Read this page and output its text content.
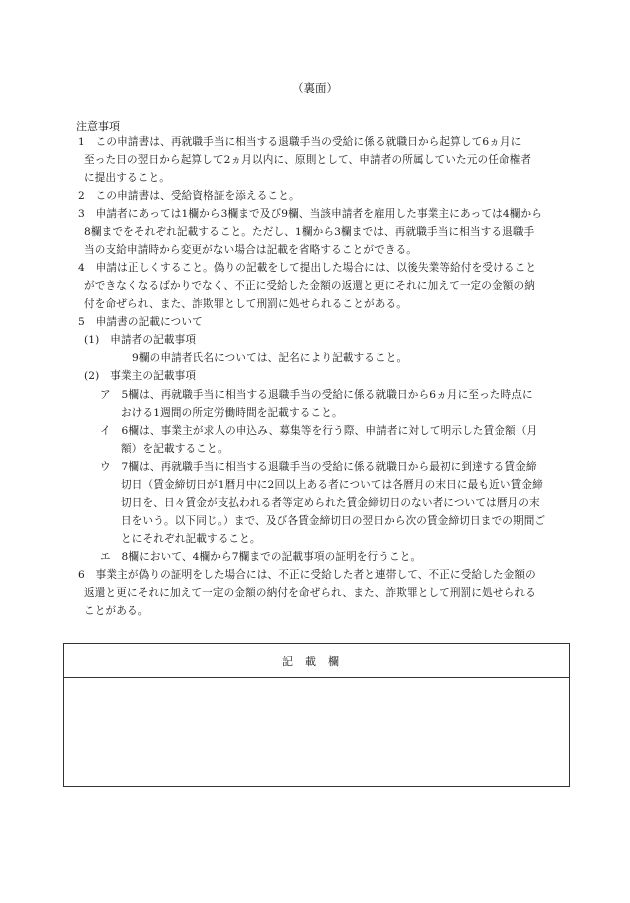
（裏面）
注意事項
1　この申請書は、再就職手当に相当する退職手当の受給に係る就職日から起算して6ヵ月に
至った日の翌日から起算して2ヵ月以内に、原則として、申請者の所属していた元の任命権者
に提出すること。
2　この申請書は、受給資格証を添えること。
3　申請者にあっては1欄から3欄まで及び9欄、当該申請者を雇用した事業主にあっては4欄から
8欄までをそれぞれ記載すること。ただし、1欄から3欄までは、再就職手当に相当する退職手
当の支給申請時から変更がない場合は記載を省略することができる。
4　申請は正しくすること。偽りの記載をして提出した場合には、以後失業等給付を受けること
ができなくなるばかりでなく、不正に受給した金額の返還と更にそれに加えて一定の金額の納
付を命ぜられ、また、詐欺罪として刑罰に処せられることがある。
5　申請書の記載について
(1)　申請者の記載事項
9欄の申請者氏名については、記名により記載すること。
(2)　事業主の記載事項
ア　5欄は、再就職手当に相当する退職手当の受給に係る就職日から6ヵ月に至った時点に
おける1週間の所定労働時間を記載すること。
イ　6欄は、事業主が求人の申込み、募集等を行う際、申請者に対して明示した賃金額（月
額）を記載すること。
ウ　7欄は、再就職手当に相当する退職手当の受給に係る就職日から最初に到達する賃金締
切日（賃金締切日が1暦月中に2回以上ある者については各暦月の末日に最も近い賃金締
切日を、日々賃金が支払われる者等定められた賃金締切日のない者については暦月の末
日をいう。以下同じ。）まで、及び各賃金締切日の翌日から次の賃金締切日までの期間ご
とにそれぞれ記載すること。
エ　8欄において、4欄から7欄までの記載事項の証明を行うこと。
6　事業主が偽りの証明をした場合には、不正に受給した者と連帯して、不正に受給した金額の
返還と更にそれに加えて一定の金額の納付を命ぜられ、また、詐欺罪として刑罰に処せられる
ことがある。
記載欄
